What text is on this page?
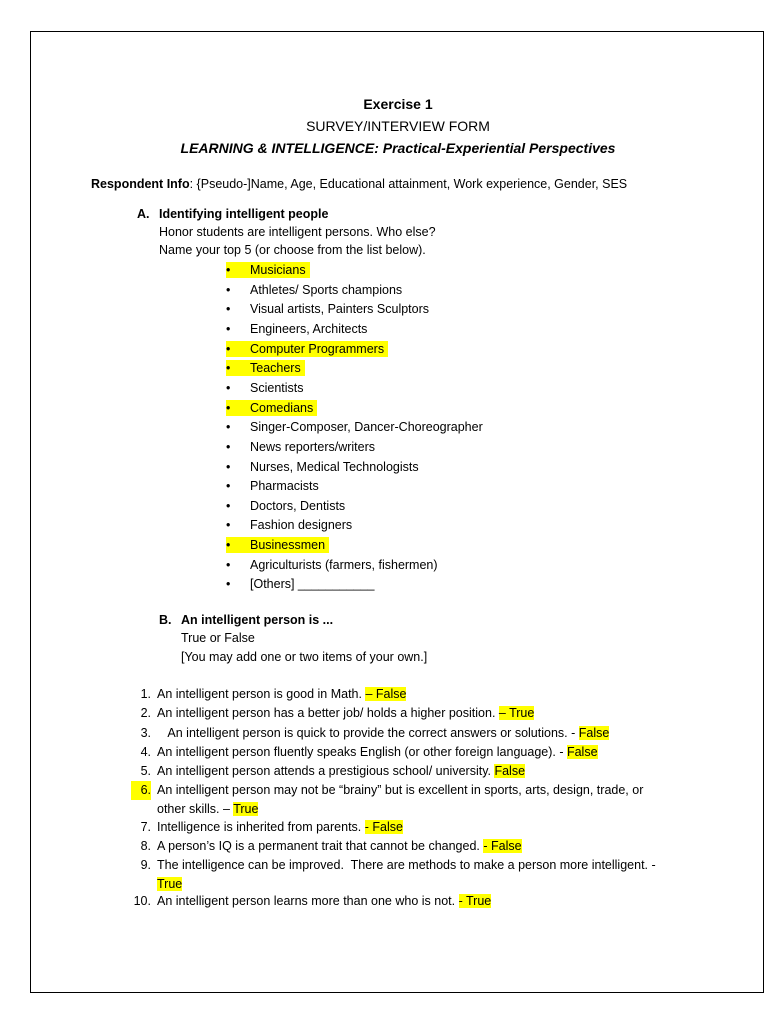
Exercise 1
SURVEY/INTERVIEW FORM
LEARNING & INTELLIGENCE: Practical-Experiential Perspectives
Respondent Info: {Pseudo-]Name, Age, Educational attainment, Work experience, Gender, SES
A. Identifying intelligent people
Honor students are intelligent persons. Who else?
Name your top 5 (or choose from the list below).
•	Musicians
•	Athletes/ Sports champions
•	Visual artists, Painters Sculptors
•	Engineers, Architects
•	Computer Programmers
•	Teachers
•	Scientists
•	Comedians
•	Singer-Composer, Dancer-Choreographer
•	News reporters/writers
•	Nurses, Medical Technologists
•	Pharmacists
•	Doctors, Dentists
•	Fashion designers
•	Businessmen
•	Agriculturists (farmers, fishermen)
•	[Others] ___________
B. An intelligent person is ...
True or False
[You may add one or two items of your own.]
1. An intelligent person is good in Math. – False
2. An intelligent person has a better job/ holds a higher position. – True
3. An intelligent person is quick to provide the correct answers or solutions. - False
4. An intelligent person fluently speaks English (or other foreign language). - False
5. An intelligent person attends a prestigious school/ university. False
6. An intelligent person may not be “brainy” but is excellent in sports, arts, design, trade, or other skills. – True
7. Intelligence is inherited from parents. - False
8. A person’s IQ is a permanent trait that cannot be changed. - False
9. The intelligence can be improved.  There are methods to make a person more intelligent. - True
10. An intelligent person learns more than one who is not. - True
